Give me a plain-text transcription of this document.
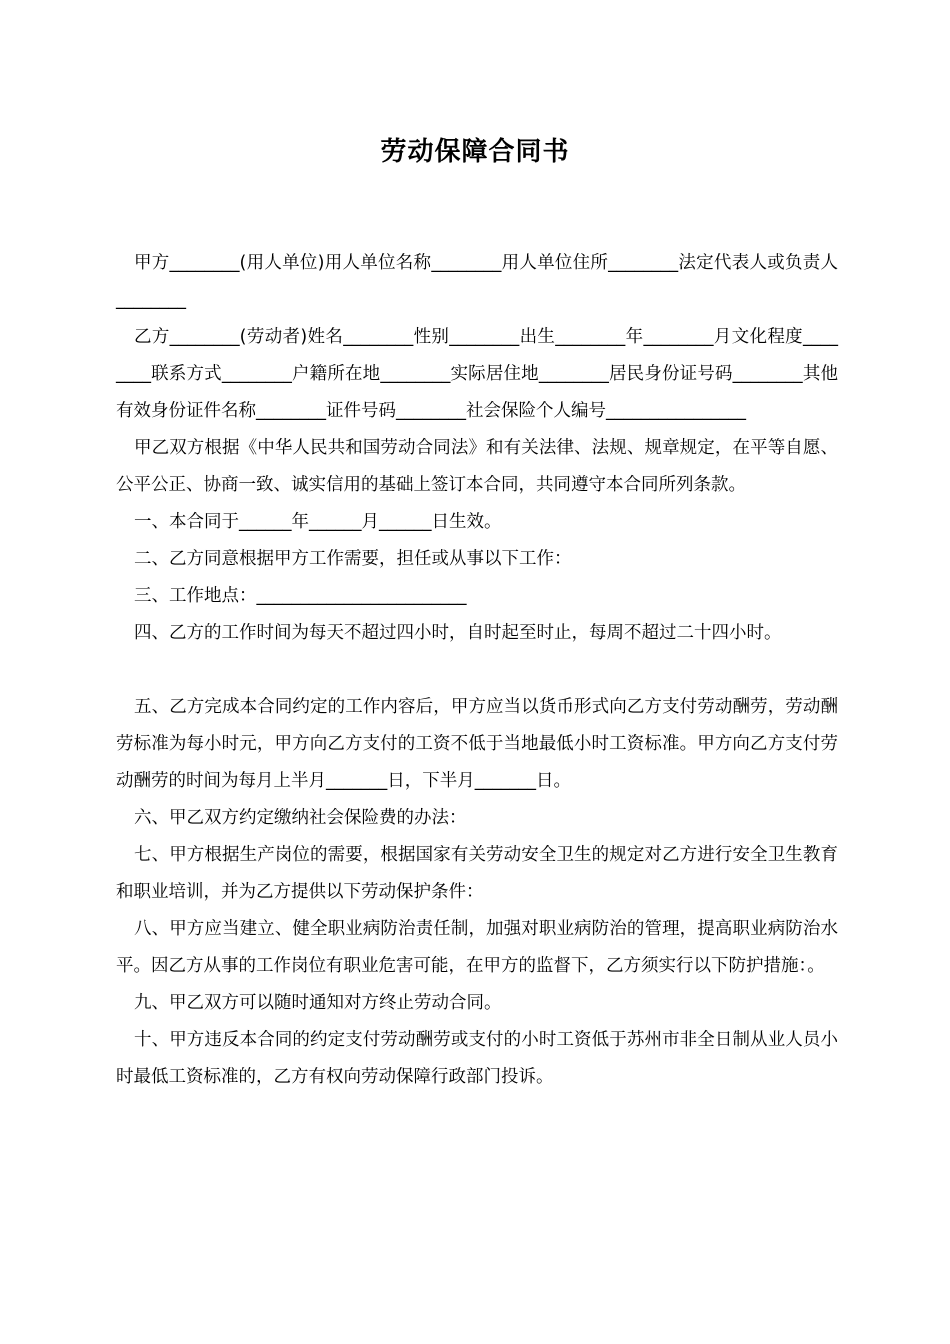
劳动保障合同书

甲方________(用人单位)用人单位名称________用人单位住所________法定代表人或负责人________

乙方________(劳动者)姓名________性别________出生________年________月文化程度________联系方式________户籍所在地________实际居住地________居民身份证号码________其他有效身份证件名称________证件号码________社会保险个人编号________________

甲乙双方根据《中华人民共和国劳动合同法》和有关法律、法规、规章规定，在平等自愿、公平公正、协商一致、诚实信用的基础上签订本合同，共同遵守本合同所列条款。

一、本合同于______年______月______日生效。

二、乙方同意根据甲方工作需要，担任或从事以下工作：

三、工作地点：________________________

四、乙方的工作时间为每天不超过四小时，自时起至时止，每周不超过二十四小时。

五、乙方完成本合同约定的工作内容后，甲方应当以货币形式向乙方支付劳动酬劳，劳动酬劳标准为每小时元，甲方向乙方支付的工资不低于当地最低小时工资标准。甲方向乙方支付劳动酬劳的时间为每月上半月_______日，下半月_______日。

六、甲乙双方约定缴纳社会保险费的办法：

七、甲方根据生产岗位的需要，根据国家有关劳动安全卫生的规定对乙方进行安全卫生教育和职业培训，并为乙方提供以下劳动保护条件：

八、甲方应当建立、健全职业病防治责任制，加强对职业病防治的管理，提高职业病防治水平。因乙方从事的工作岗位有职业危害可能，在甲方的监督下，乙方须实行以下防护措施：。

九、甲乙双方可以随时通知对方终止劳动合同。

十、甲方违反本合同的约定支付劳动酬劳或支付的小时工资低于苏州市非全日制从业人员小时最低工资标准的，乙方有权向劳动保障行政部门投诉。
